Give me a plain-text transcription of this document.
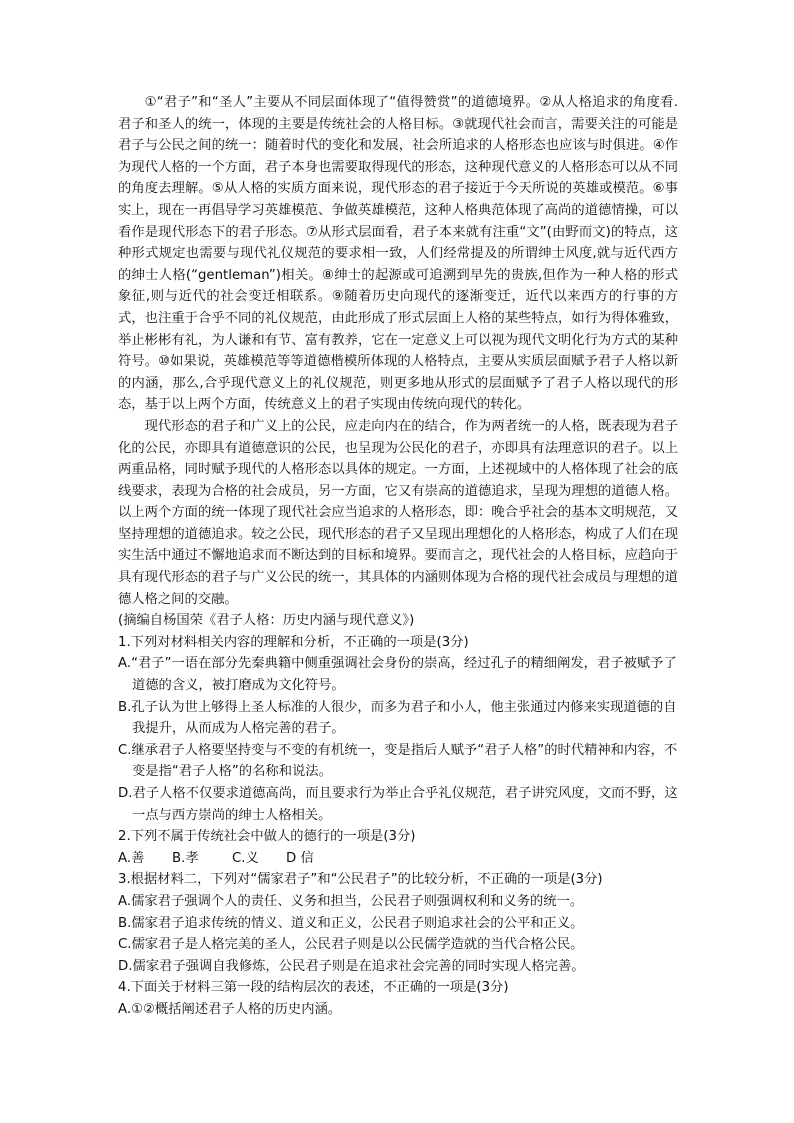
①“君子”和“圣人”主要从不同层面体现了“值得赞赏”的道德境界。②从人格追求的角度看.君子和圣人的统一，体现的主要是传统社会的人格目标。③就现代社会而言，需要关注的可能是君子与公民之间的统一：随着时代的变化和发展，社会所追求的人格形态也应该与时俱进。④作为现代人格的一个方面，君子本身也需要取得现代的形态，这种现代意义的人格形态可以从不同的角度去理解。⑤从人格的实质方面来说，现代形态的君子接近于今天所说的英雄或模范。⑥事实上，现在一再倡导学习英雄模范、争做英雄模范，这种人格典范体现了高尚的道德情操，可以看作是现代形态下的君子形态。⑦从形式层面看，君子本来就有注重“文”(由野而文)的特点，这种形式规定也需要与现代礼仪规范的要求相一致，人们经常提及的所谓绅士风度,就与近代西方的绅士人格(“gentleman”)相关。⑧绅士的起源或可追溯到早先的贵族,但作为一种人格的形式象征,则与近代的社会变迁相联系。⑨随着历史向现代的逐渐变迁，近代以来西方的行事的方式，也注重于合乎不同的礼仪规范，由此形成了形式层面上人格的某些特点，如行为得体雅致，举止彬彬有礼，为人谦和有节、富有教养，它在一定意义上可以视为现代文明化行为方式的某种符号。⑩如果说，英雄模范等等道德楷模所体现的人格特点，主要从实质层面赋予君子人格以新的内涵，那么,合乎现代意义上的礼仪规范，则更多地从形式的层面赋予了君子人格以现代的形态，基于以上两个方面，传统意义上的君子实现由传统向现代的转化。

现代形态的君子和广义上的公民，应走向内在的结合，作为两者统一的人格，既表现为君子化的公民，亦即具有道德意识的公民，也呈现为公民化的君子，亦即具有法理意识的君子。以上两重品格，同时赋予现代的人格形态以具体的规定。一方面，上述视域中的人格体现了社会的底线要求，表现为合格的社会成员，另一方面，它又有崇高的道德追求，呈现为理想的道德人格。以上两个方面的统一体现了现代社会应当追求的人格形态，即：晚合乎社会的基本文明规范，又坚持理想的道德追求。较之公民，现代形态的君子又呈现出理想化的人格形态，构成了人们在现实生活中通过不懈地追求而不断达到的目标和境界。要而言之，现代社会的人格目标，应趋向于具有现代形态的君子与广义公民的统一，其具体的内涵则体现为合格的现代社会成员与理想的道德人格之间的交融。

(摘编自杨国荣《君子人格：历史内涵与现代意义》)

1.下列对材料相关内容的理解和分析，不正确的一项是(3分)

A.“君子”一语在部分先秦典籍中侧重强调社会身份的崇高，经过孔子的精细阐发，君子被赋予了道德的含义，被打磨成为文化符号。

B.孔子认为世上够得上圣人标准的人很少，而多为君子和小人，他主张通过内修来实现道德的自我提升，从而成为人格完善的君子。

C.继承君子人格要坚持变与不变的有机统一，变是指后人赋予“君子人格”的时代精神和内容，不变是指“君子人格”的名称和说法。

D.君子人格不仅要求道德高尚，而且要求行为举止合乎礼仪规范，君子讲究风度，文而不野，这一点与西方崇尚的绅士人格相关。

2.下列不属于传统社会中做人的德行的一项是(3分)

A.善	B.孝	C.义	D 信

3.根据材料二，下列对“儒家君子”和“公民君子”的比较分析，不正确的一项是(3分)

A.儒家君子强调个人的责任、义务和担当，公民君子则强调权利和义务的统一。

B.儒家君子追求传统的情义、道义和正义，公民君子则追求社会的公平和正义。

C.儒家君子是人格完美的圣人，公民君子则是以公民儒学造就的当代合格公民。

D.儒家君子强调自我修炼，公民君子则是在追求社会完善的同时实现人格完善。

4.下面关于材料三第一段的结构层次的表述，不正确的一项是(3分)

A.①②概括阐述君子人格的历史内涵。
